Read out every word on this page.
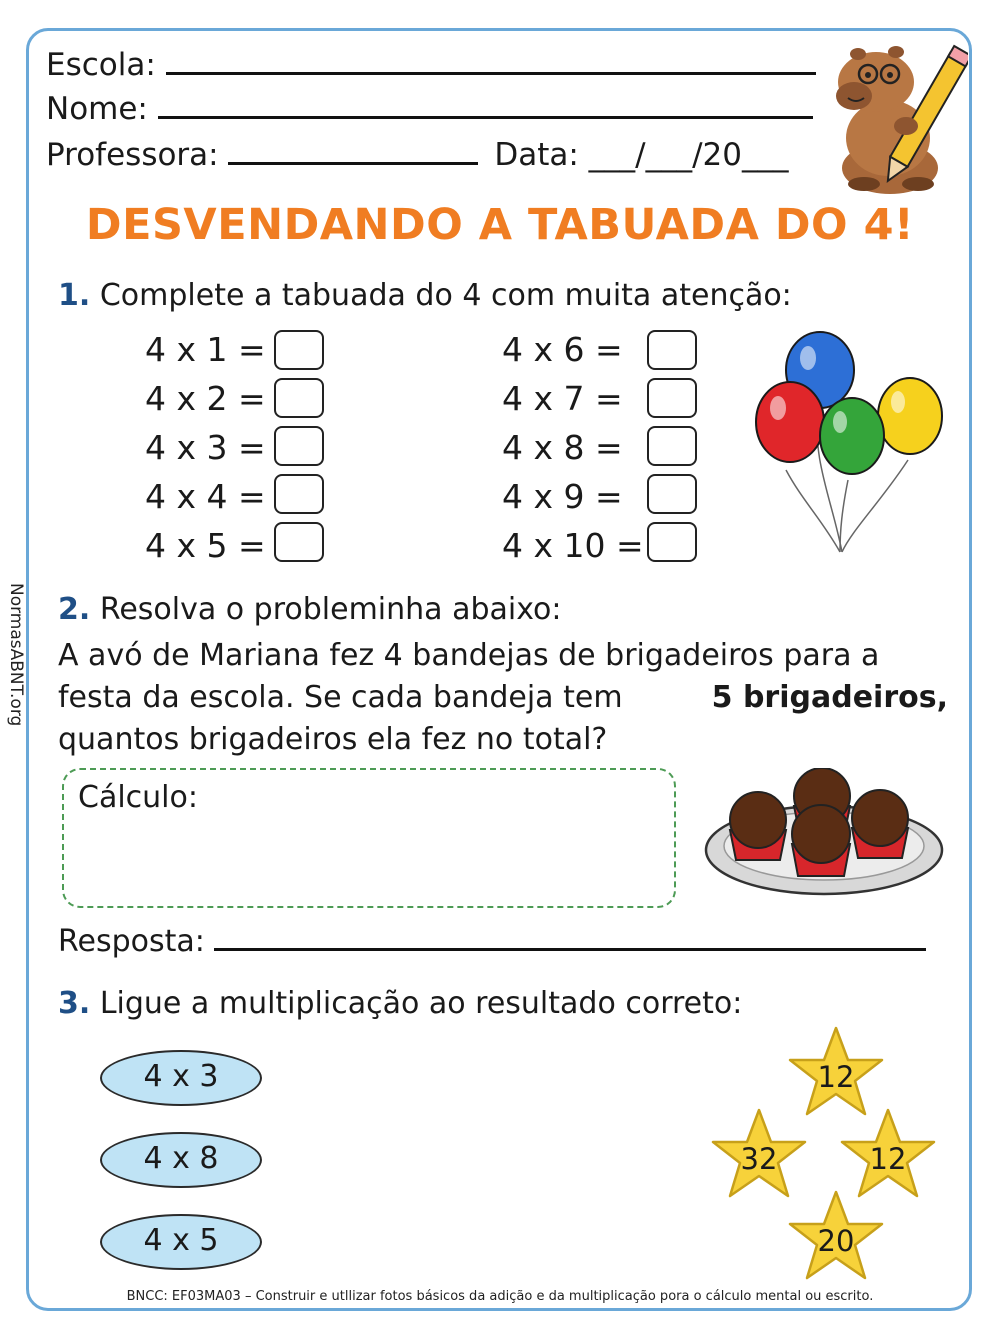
NormasABNT.org
Escola:
Nome:
Professora:	Data: ___/___/20___
DESVENDANDO A TABUADA DO 4!
1. Complete a tabuada do 4 com muita atenção:
4 x 1 =
4 x 2 =
4 x 3 =
4 x 4 =
4 x 5 =
4 x 6 =
4 x 7 =
4 x 8 =
4 x 9 =
4 x 10 =
2. Resolva o probleminha abaixo:
A avó de Mariana fez 4 bandejas de brigadeiros para a
festa da escola. Se cada bandeja tem	5 brigadeiros,
quantos brigadeiros ela fez no total?
Cálculo:
Resposta:
3. Ligue a multiplicação ao resultado correto:
4 x 3
4 x 8
4 x 5
12
32	12
20
BNCC: EF03MA03 – Construir e utllizar fotos básicos da adição e da multiplicação pora o cálculo mental ou escrito.
